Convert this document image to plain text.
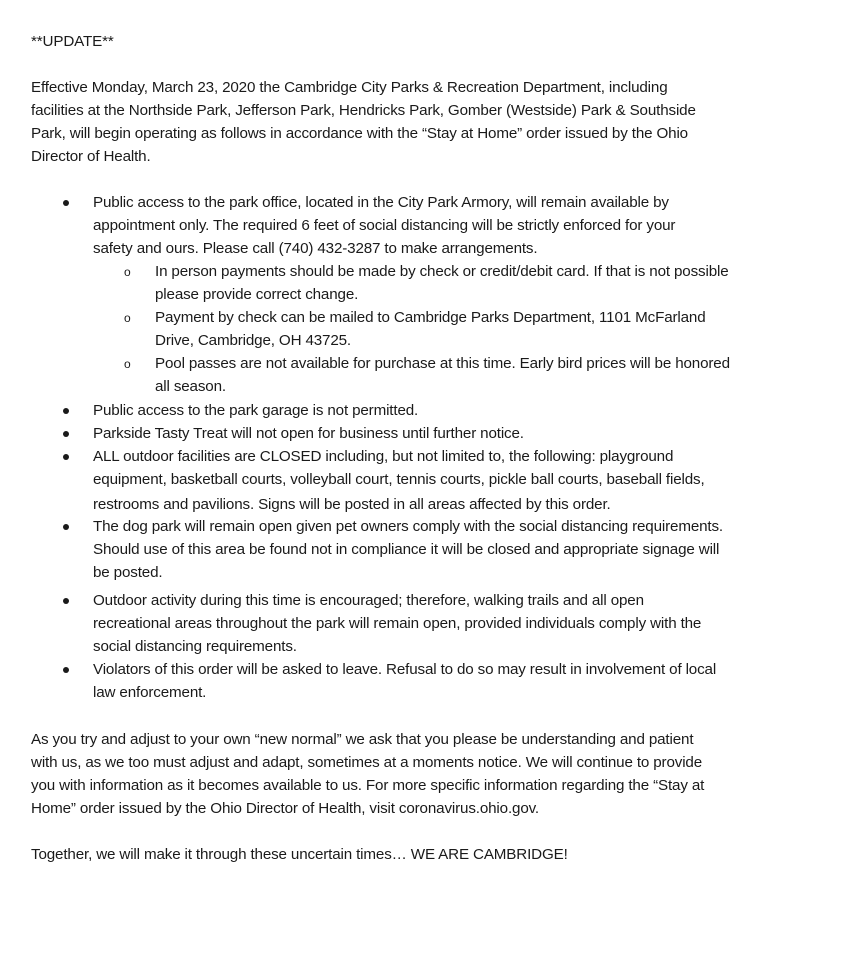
**UPDATE**
Effective Monday, March 23, 2020 the Cambridge City Parks & Recreation Department, including
facilities at the Northside Park, Jefferson Park, Hendricks Park, Gomber (Westside) Park & Southside
Park, will begin operating as follows in accordance with the “Stay at Home” order issued by the Ohio
Director of Health.
Public access to the park office, located in the City Park Armory, will remain available by
appointment only. The required 6 feet of social distancing will be strictly enforced for your
safety and ours. Please call (740) 432-3287 to make arrangements.
o In person payments should be made by check or credit/debit card. If that is not possible
please provide correct change.
o Payment by check can be mailed to Cambridge Parks Department, 1101 McFarland
Drive, Cambridge, OH 43725.
o Pool passes are not available for purchase at this time. Early bird prices will be honored
all season.
Public access to the park garage is not permitted.
Parkside Tasty Treat will not open for business until further notice.
ALL outdoor facilities are CLOSED including, but not limited to, the following: playground
equipment, basketball courts, volleyball court, tennis courts, pickle ball courts, baseball fields,
restrooms and pavilions. Signs will be posted in all areas affected by this order.
The dog park will remain open given pet owners comply with the social distancing requirements.
Should use of this area be found not in compliance it will be closed and appropriate signage will
be posted.
Outdoor activity during this time is encouraged; therefore, walking trails and all open
recreational areas throughout the park will remain open, provided individuals comply with the
social distancing requirements.
Violators of this order will be asked to leave. Refusal to do so may result in involvement of local
law enforcement.
As you try and adjust to your own “new normal” we ask that you please be understanding and patient
with us, as we too must adjust and adapt, sometimes at a moments notice. We will continue to provide
you with information as it becomes available to us. For more specific information regarding the “Stay at
Home” order issued by the Ohio Director of Health, visit coronavirus.ohio.gov.
Together, we will make it through these uncertain times… WE ARE CAMBRIDGE!
